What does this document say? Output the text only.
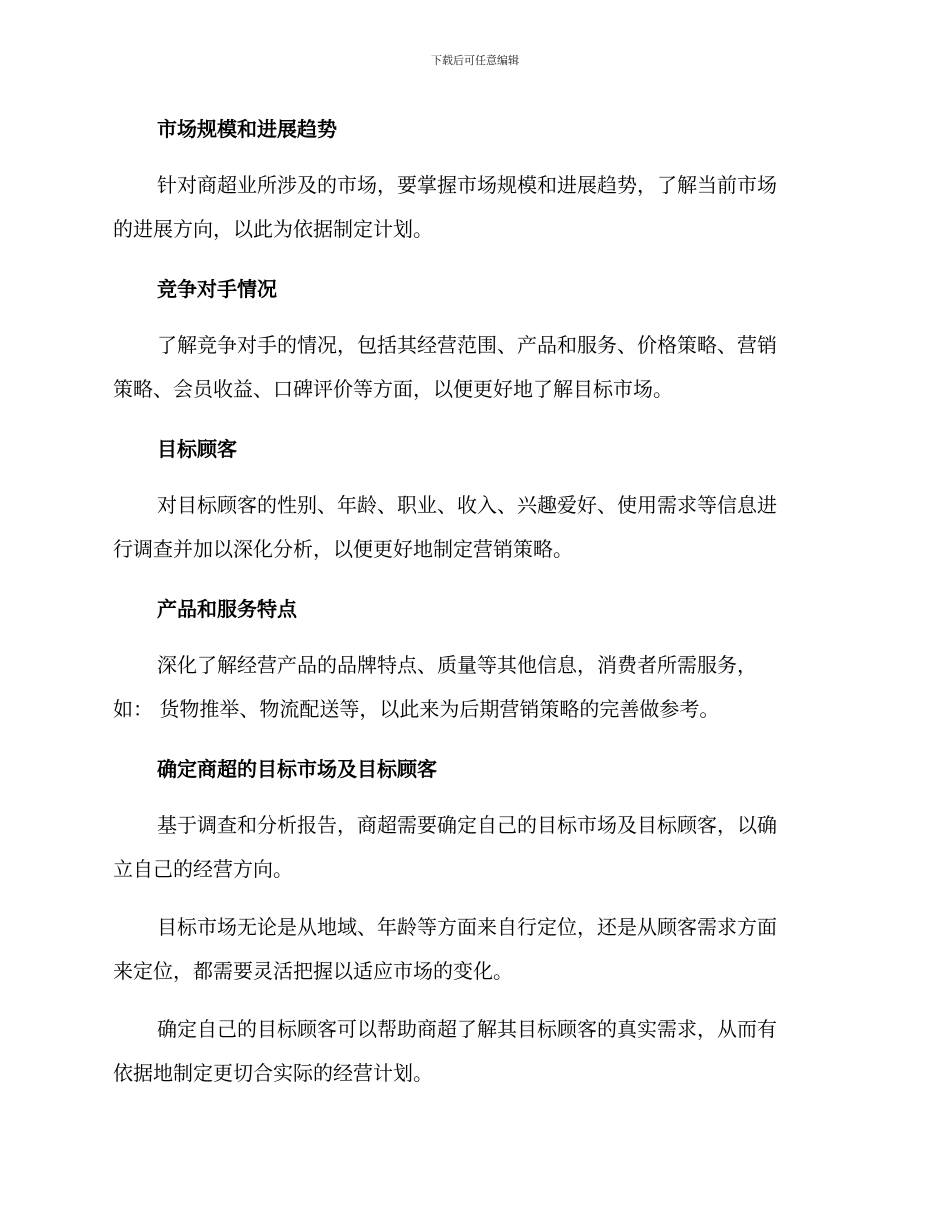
下载后可任意编辑
市场规模和进展趋势
针对商超业所涉及的市场，要掌握市场规模和进展趋势，了解当前市场
的进展方向，以此为依据制定计划。
竞争对手情况
了解竞争对手的情况，包括其经营范围、产品和服务、价格策略、营销
策略、会员收益、口碑评价等方面，以便更好地了解目标市场。
目标顾客
对目标顾客的性别、年龄、职业、收入、兴趣爱好、使用需求等信息进
行调查并加以深化分析，以便更好地制定营销策略。
产品和服务特点
深化了解经营产品的品牌特点、质量等其他信息，消费者所需服务，
如： 货物推举、物流配送等，以此来为后期营销策略的完善做参考。
确定商超的目标市场及目标顾客
基于调查和分析报告，商超需要确定自己的目标市场及目标顾客，以确
立自己的经营方向。
目标市场无论是从地域、年龄等方面来自行定位，还是从顾客需求方面
来定位，都需要灵活把握以适应市场的变化。
确定自己的目标顾客可以帮助商超了解其目标顾客的真实需求，从而有
依据地制定更切合实际的经营计划。
